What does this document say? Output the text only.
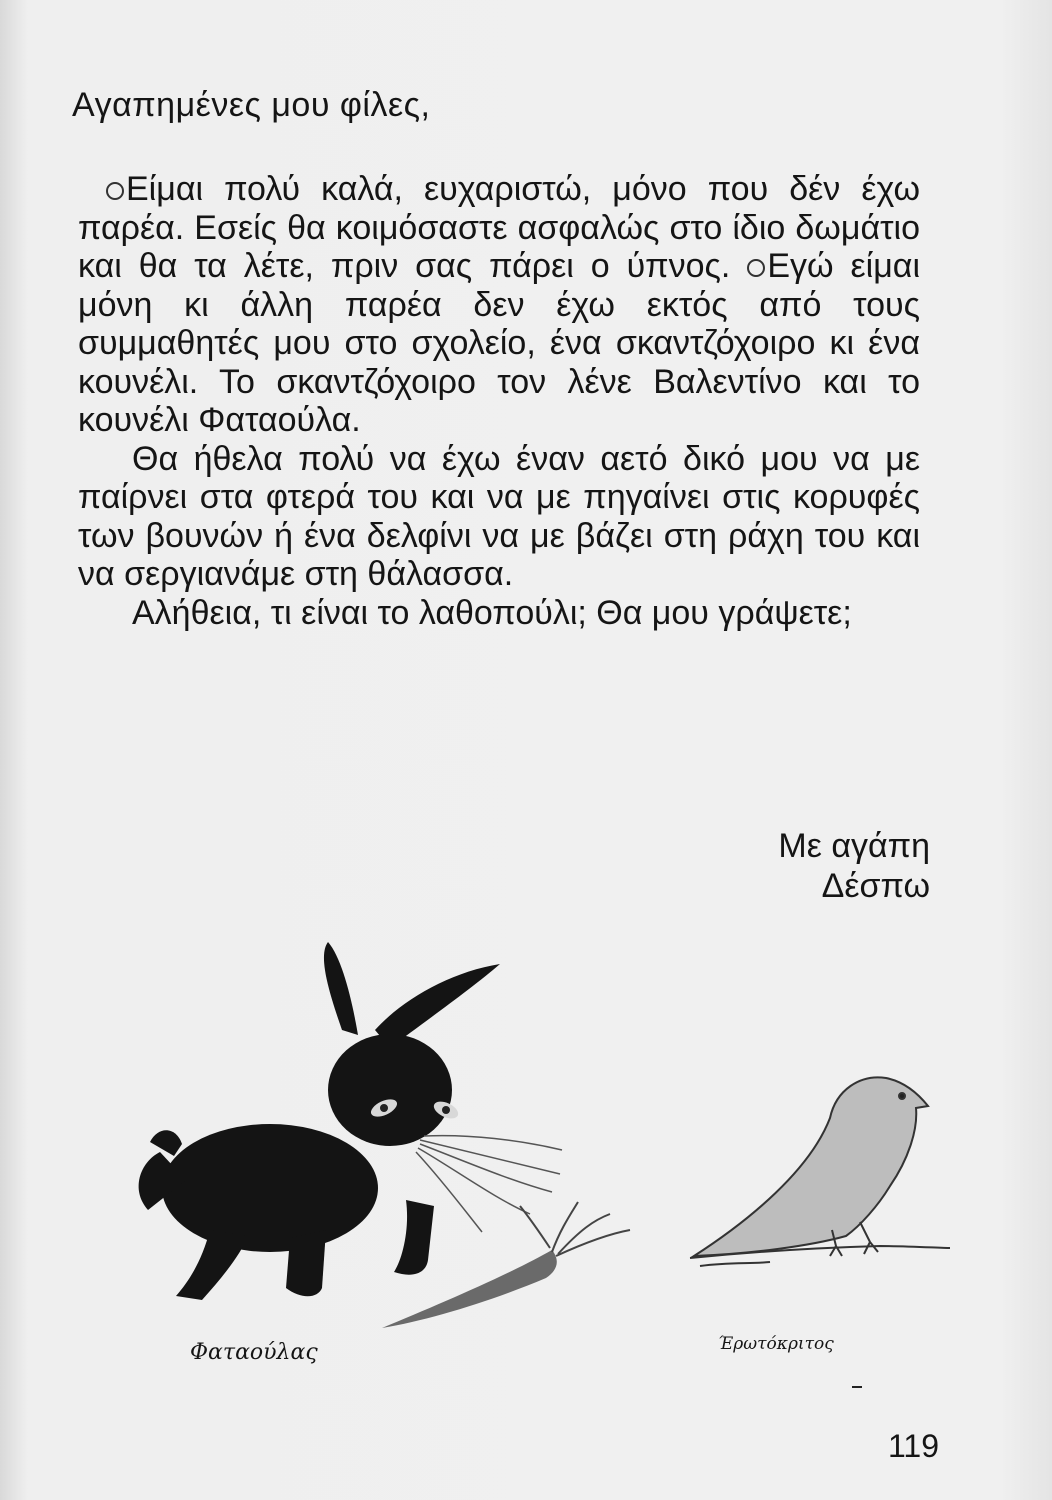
Αγαπημένες μου φίλες,

Είμαι πολύ καλά, ευχαριστώ, μόνο που δέν έχω παρέα. Εσείς θα κοιμόσαστε ασφαλώς στο ίδιο δωμάτιο και θα τα λέτε, πριν σας πάρει ο ύπνος. ○ Εγώ είμαι μόνη κι άλλη παρέα δεν έχω εκτός από τους συμμαθητές μου στο σχολείο, ένα σκαντζόχοιρο κι ένα κουνέλι. Το σκαντζόχοιρο τον λένε Βαλεντίνο και το κουνέλι Φαταούλα.

Θα ήθελα πολύ να έχω έναν αετό δικό μου να με παίρνει στα φτερά του και να με πηγαίνει στις κορυφές των βουνών ή ένα δελφίνι να με βάζει στη ράχη του και να σεργιανάμε στη θάλασσα.

Αλήθεια, τι είναι το λαθοπούλι; Θα μου γράψετε;

Με αγάπη
Δέσπω
Φαταούλας	Έρωτόκριτος
119
